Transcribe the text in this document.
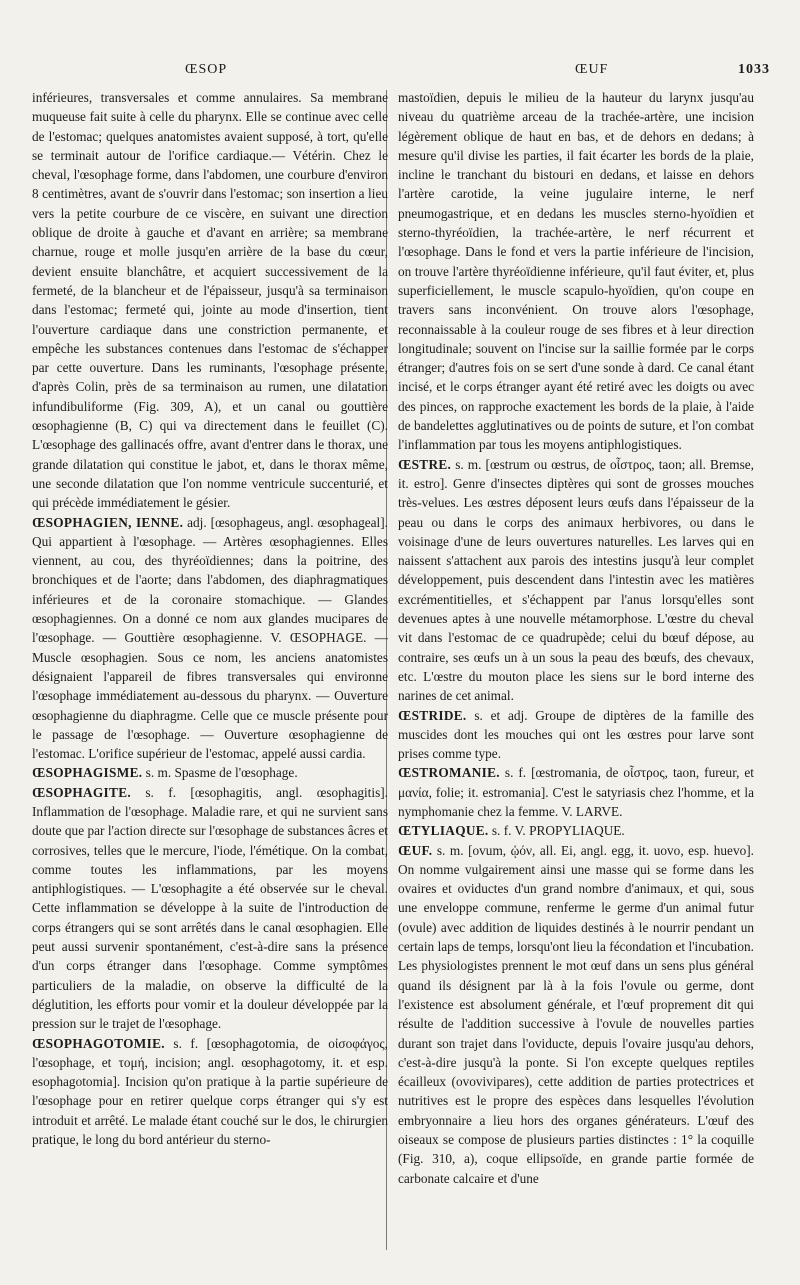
ŒSOP	ŒUF	1033

inférieures, transversales et comme annulaires. Sa membrane muqueuse fait suite à celle du pharynx. Elle se continue avec celle de l'estomac; quelques anatomistes avaient supposé, à tort, qu'elle se terminait autour de l'orifice cardiaque.— Vétérin. Chez le cheval, l'œsophage forme, dans l'abdomen, une courbure d'environ 8 centimètres, avant de s'ouvrir dans l'estomac; son insertion a lieu vers la petite courbure de ce viscère, en suivant une direction oblique de droite à gauche et d'avant en arrière; sa membrane charnue, rouge et molle jusqu'en arrière de la base du cœur, devient ensuite blanchâtre, et acquiert successivement de la fermeté, de la blancheur et de l'épaisseur, jusqu'à sa terminaison dans l'estomac; fermeté qui, jointe au mode d'insertion, tient l'ouverture cardiaque dans une constriction permanente, et empêche les substances contenues dans l'estomac de s'échapper par cette ouverture. Dans les ruminants, l'œsophage présente, d'après Colin, près de sa terminaison au rumen, une dilatation infundibuliforme (Fig. 309, A), et un canal ou gouttière œsophagienne (B, C) qui va directement dans le feuillet (C). L'œsophage des gallinacés offre, avant d'entrer dans le thorax, une grande dilatation qui constitue le jabot, et, dans le thorax même, une seconde dilatation que l'on nomme ventricule succenturié, et qui précède immédiatement le gésier.

ŒSOPHAGIEN, IENNE. adj. [œsophageus, angl. œsophageal]. Qui appartient à l'œsophage. — Artères œsophagiennes. Elles viennent, au cou, des thyréoïdiennes; dans la poitrine, des bronchiques et de l'aorte; dans l'abdomen, des diaphragmatiques inférieures et de la coronaire stomachique. — Glandes œsophagiennes. On a donné ce nom aux glandes mucipares de l'œsophage. — Gouttière œsophagienne. V. ŒSOPHAGE. — Muscle œsophagien. Sous ce nom, les anciens anatomistes désignaient l'appareil de fibres transversales qui environne l'œsophage immédiatement au-dessous du pharynx. — Ouverture œsophagienne du diaphragme. Celle que ce muscle présente pour le passage de l'œsophage. — Ouverture œsophagienne de l'estomac. L'orifice supérieur de l'estomac, appelé aussi cardia.

ŒSOPHAGISME. s. m. Spasme de l'œsophage.

ŒSOPHAGITE. s. f. [œsophagitis, angl. œsophagitis]. Inflammation de l'œsophage. Maladie rare, et qui ne survient sans doute que par l'action directe sur l'œsophage de substances âcres et corrosives, telles que le mercure, l'iode, l'émétique. On la combat, comme toutes les inflammations, par les moyens antiphlogistiques. — L'œsophagite a été observée sur le cheval. Cette inflammation se développe à la suite de l'introduction de corps étrangers qui se sont arrêtés dans le canal œsophagien. Elle peut aussi survenir spontanément, c'est-à-dire sans la présence d'un corps étranger dans l'œsophage. Comme symptômes particuliers de la maladie, on observe la difficulté de la déglutition, les efforts pour vomir et la douleur développée par la pression sur le trajet de l'œsophage.

ŒSOPHAGOTOMIE. s. f. [œsophagotomia, de οἰσοφάγος, l'œsophage, et τομή, incision; angl. œsophagotomy, it. et esp. esophagotomia]. Incision qu'on pratique à la partie supérieure de l'œsophage pour en retirer quelque corps étranger qui s'y est introduit et arrêté. Le malade étant couché sur le dos, le chirurgien pratique, le long du bord antérieur du sterno-

mastoïdien, depuis le milieu de la hauteur du larynx jusqu'au niveau du quatrième arceau de la trachée-artère, une incision légèrement oblique de haut en bas, et de dehors en dedans; à mesure qu'il divise les parties, il fait écarter les bords de la plaie, incline le tranchant du bistouri en dedans, et laisse en dehors l'artère carotide, la veine jugulaire interne, le nerf pneumogastrique, et en dedans les muscles sterno-hyoïdien et sterno-thyréoïdien, la trachée-artère, le nerf récurrent et l'œsophage. Dans le fond et vers la partie inférieure de l'incision, on trouve l'artère thyréoïdienne inférieure, qu'il faut éviter, et, plus superficiellement, le muscle scapulo-hyoïdien, qu'on coupe en travers sans inconvénient. On trouve alors l'œsophage, reconnaissable à la couleur rouge de ses fibres et à leur direction longitudinale; souvent on l'incise sur la saillie formée par le corps étranger; d'autres fois on se sert d'une sonde à dard. Ce canal étant incisé, et le corps étranger ayant été retiré avec les doigts ou avec des pinces, on rapproche exactement les bords de la plaie, à l'aide de bandelettes agglutinatives ou de points de suture, et l'on combat l'inflammation par tous les moyens antiphlogistiques.

ŒSTRE. s. m. [œstrum ou œstrus, de οἶστρος, taon; all. Bremse, it. estro]. Genre d'insectes diptères qui sont de grosses mouches très-velues. Les œstres déposent leurs œufs dans l'épaisseur de la peau ou dans le corps des animaux herbivores, ou dans le voisinage d'une de leurs ouvertures naturelles. Les larves qui en naissent s'attachent aux parois des intestins jusqu'à leur complet développement, puis descendent dans l'intestin avec les matières excrémentitielles, et s'échappent par l'anus lorsqu'elles sont devenues aptes à une nouvelle métamorphose. L'œstre du cheval vit dans l'estomac de ce quadrupède; celui du bœuf dépose, au contraire, ses œufs un à un sous la peau des bœufs, des chevaux, etc. L'œstre du mouton place les siens sur le bord interne des narines de cet animal.

ŒSTRIDE. s. et adj. Groupe de diptères de la famille des muscides dont les mouches qui ont les œstres pour larve sont prises comme type.

ŒSTROMANIE. s. f. [œstromania, de οἶστρος, taon, fureur, et μανία, folie; it. estromania]. C'est le satyriasis chez l'homme, et la nymphomanie chez la femme. V. LARVE.

ŒTYLIAQUE. s. f. V. PROPYLIAQUE.

ŒUF. s. m. [ovum, ᾠόν, all. Ei, angl. egg, it. uovo, esp. huevo]. On nomme vulgairement ainsi une masse qui se forme dans les ovaires et oviductes d'un grand nombre d'animaux, et qui, sous une enveloppe commune, renferme le germe d'un animal futur (ovule) avec addition de liquides destinés à le nourrir pendant un certain laps de temps, lorsqu'ont lieu la fécondation et l'incubation. Les physiologistes prennent le mot œuf dans un sens plus général quand ils désignent par là à la fois l'ovule ou germe, dont l'existence est absolument générale, et l'œuf proprement dit qui résulte de l'addition successive à l'ovule de nouvelles parties durant son trajet dans l'oviducte, depuis l'ovaire jusqu'au dehors, c'est-à-dire jusqu'à la ponte. Si l'on excepte quelques reptiles écailleux (ovovivipares), cette addition de parties protectrices et nutritives est le propre des espèces dans lesquelles l'évolution embryonnaire a lieu hors des organes générateurs. L'œuf des oiseaux se compose de plusieurs parties distinctes : 1° la coquille (Fig. 310, a), coque ellipsoïde, en grande partie formée de carbonate calcaire et d'une
